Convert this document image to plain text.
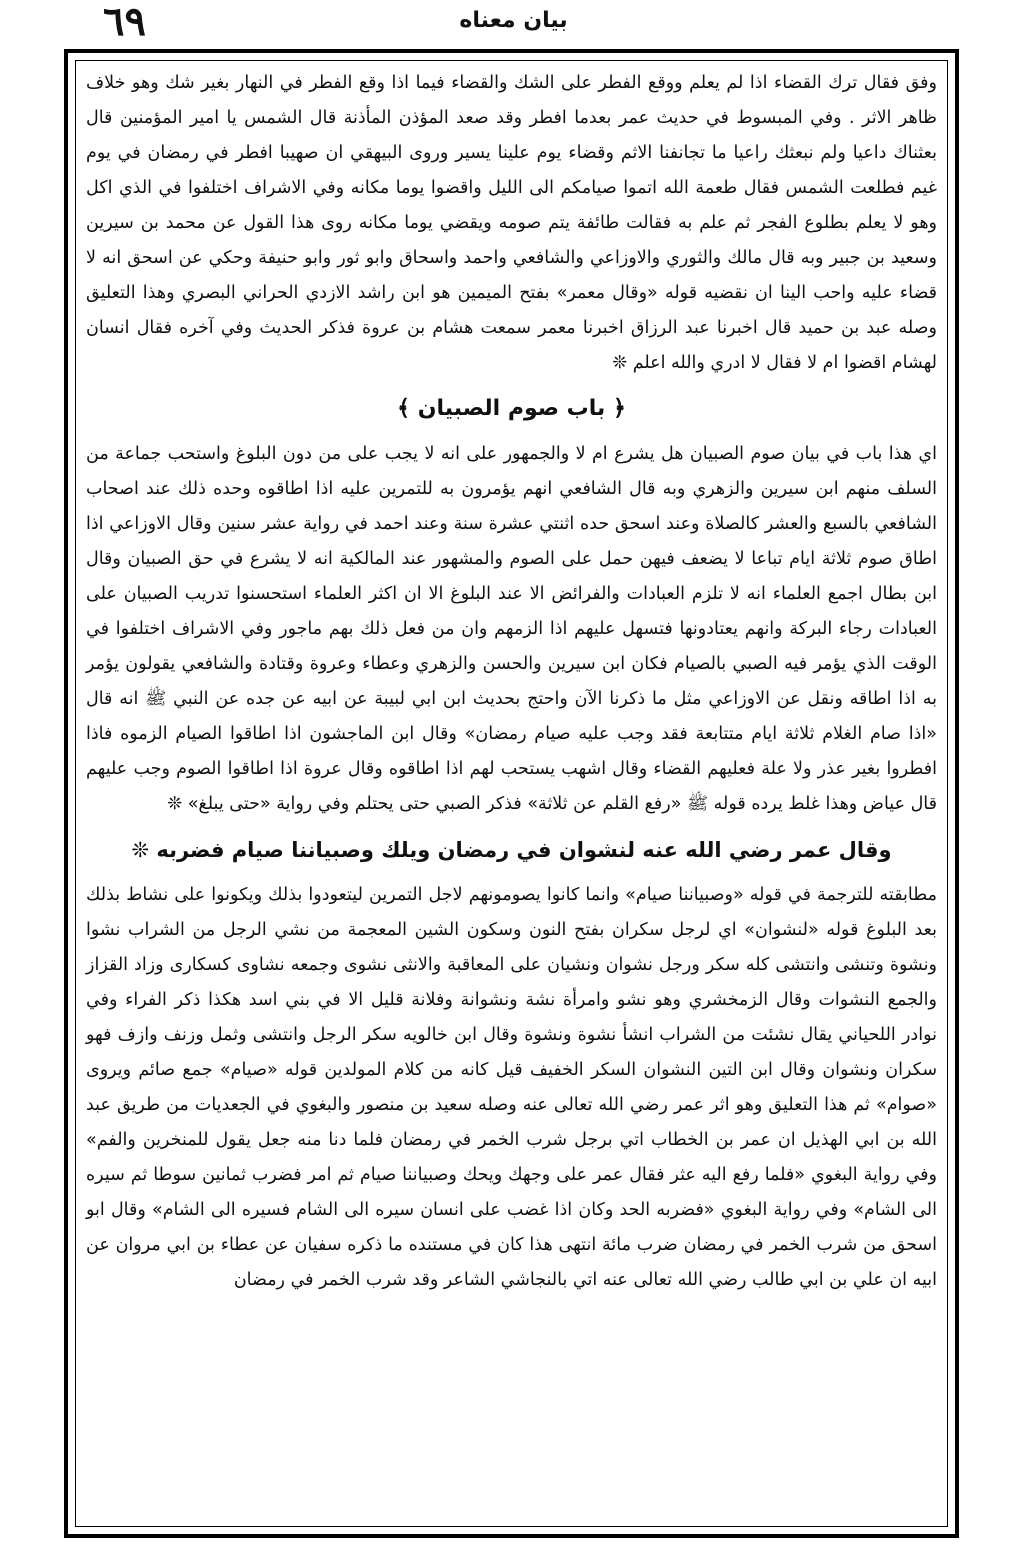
٦٩	بیان معناه

وفق فقال ترك القضاء اذا لم يعلم ووقع الفطر على الشك والقضاء فيما اذا وقع الفطر في النهار بغير شك وهو خلاف ظاهر الاثر . وفي المبسوط في حديث عمر بعدما افطر وقد صعد المؤذن المأذنة قال الشمس يا امير المؤمنين قال بعثناك داعيا ولم نبعثك راعيا ما تجانفنا الاثم وقضاء يوم علينا يسير وروى البيهقي ان صهيبا افطر في رمضان في يوم غيم فطلعت الشمس فقال طعمة الله اتموا صيامكم الى الليل واقضوا يوما مكانه وفي الاشراف اختلفوا في الذي اكل وهو لا يعلم بطلوع الفجر ثم علم به فقالت طائفة يتم صومه ويقضي يوما مكانه روى هذا القول عن محمد بن سيرين وسعيد بن جبير وبه قال مالك والثوري والاوزاعي والشافعي واحمد واسحاق وابو ثور وابو حنيفة وحكي عن اسحق انه لا قضاء عليه واحب الينا ان نقضيه قوله «وقال معمر» بفتح الميمين هو ابن راشد الازدي الحراني البصري وهذا التعليق وصله عبد بن حميد قال اخبرنا عبد الرزاق اخبرنا معمر سمعت هشام بن عروة فذكر الحديث وفي آخره فقال انسان لهشام اقضوا ام لا فقال لا ادري والله اعلم ❊

﴿ باب صوم الصبيان ﴾

اي هذا باب في بيان صوم الصبيان هل يشرع ام لا والجمهور على انه لا يجب على من دون البلوغ واستحب جماعة من السلف منهم ابن سيرين والزهري وبه قال الشافعي انهم يؤمرون به للتمرين عليه اذا اطاقوه وحده ذلك عند اصحاب الشافعي بالسبع والعشر كالصلاة وعند اسحق حده اثنتي عشرة سنة وعند احمد في رواية عشر سنين وقال الاوزاعي اذا اطاق صوم ثلاثة ايام تباعا لا يضعف فيهن حمل على الصوم والمشهور عند المالكية انه لا يشرع في حق الصبيان وقال ابن بطال اجمع العلماء انه لا تلزم العبادات والفرائض الا عند البلوغ الا ان اكثر العلماء استحسنوا تدريب الصبيان على العبادات رجاء البركة وانهم يعتادونها فتسهل عليهم اذا الزمهم وان من فعل ذلك بهم ماجور وفي الاشراف اختلفوا في الوقت الذي يؤمر فيه الصبي بالصيام فكان ابن سيرين والحسن والزهري وعطاء وعروة وقتادة والشافعي يقولون يؤمر به اذا اطاقه ونقل عن الاوزاعي مثل ما ذكرنا الآن واحتج بحديث ابن ابي لبيبة عن ابيه عن جده عن النبي ﷺ انه قال «اذا صام الغلام ثلاثة ايام متتابعة فقد وجب عليه صيام رمضان» وقال ابن الماجشون اذا اطاقوا الصيام الزموه فاذا افطروا بغير عذر ولا علة فعليهم القضاء وقال اشهب يستحب لهم اذا اطاقوه وقال عروة اذا اطاقوا الصوم وجب عليهم قال عياض وهذا غلط يرده قوله ﷺ «رفع القلم عن ثلاثة» فذكر الصبي حتى يحتلم وفي رواية «حتى يبلغ» ❊

وقال عمر رضي الله عنه لنشوان في رمضان ويلك وصبياننا صيام فضربه ❊

مطابقته للترجمة في قوله «وصبياننا صيام» وانما كانوا يصومونهم لاجل التمرين ليتعودوا بذلك ويكونوا على نشاط بذلك بعد البلوغ قوله «لنشوان» اي لرجل سكران بفتح النون وسكون الشين المعجمة من نشي الرجل من الشراب نشوا ونشوة وتنشى وانتشى كله سكر ورجل نشوان ونشيان على المعاقبة والانثى نشوى وجمعه نشاوى كسكارى وزاد القزاز والجمع النشوات وقال الزمخشري وهو نشو وامرأة نشة ونشوانة وفلانة قليل الا في بني اسد هكذا ذكر الفراء وفي نوادر اللحياني يقال نشئت من الشراب انشأ نشوة ونشوة وقال ابن خالويه سكر الرجل وانتشى وثمل وزنف وازف فهو سكران ونشوان وقال ابن التين النشوان السكر الخفيف قيل كانه من كلام المولدين قوله «صيام» جمع صائم ويروى «صوام» ثم هذا التعليق وهو اثر عمر رضي الله تعالى عنه وصله سعيد بن منصور والبغوي في الجعديات من طريق عبد الله بن ابي الهذيل ان عمر بن الخطاب اتي برجل شرب الخمر في رمضان فلما دنا منه جعل يقول للمنخرين والفم» وفي رواية البغوي «فلما رفع اليه عثر فقال عمر على وجهك ويحك وصبياننا صيام ثم امر فضرب ثمانين سوطا ثم سيره الى الشام» وفي رواية البغوي «فضربه الحد وكان اذا غضب على انسان سيره الى الشام فسيره الى الشام» وقال ابو اسحق من شرب الخمر في رمضان ضرب مائة انتهى هذا كان في مستنده ما ذكره سفيان عن عطاء بن ابي مروان عن ابيه ان علي بن ابي طالب رضي الله تعالى عنه اتي بالنجاشي الشاعر وقد شرب الخمر في رمضان
